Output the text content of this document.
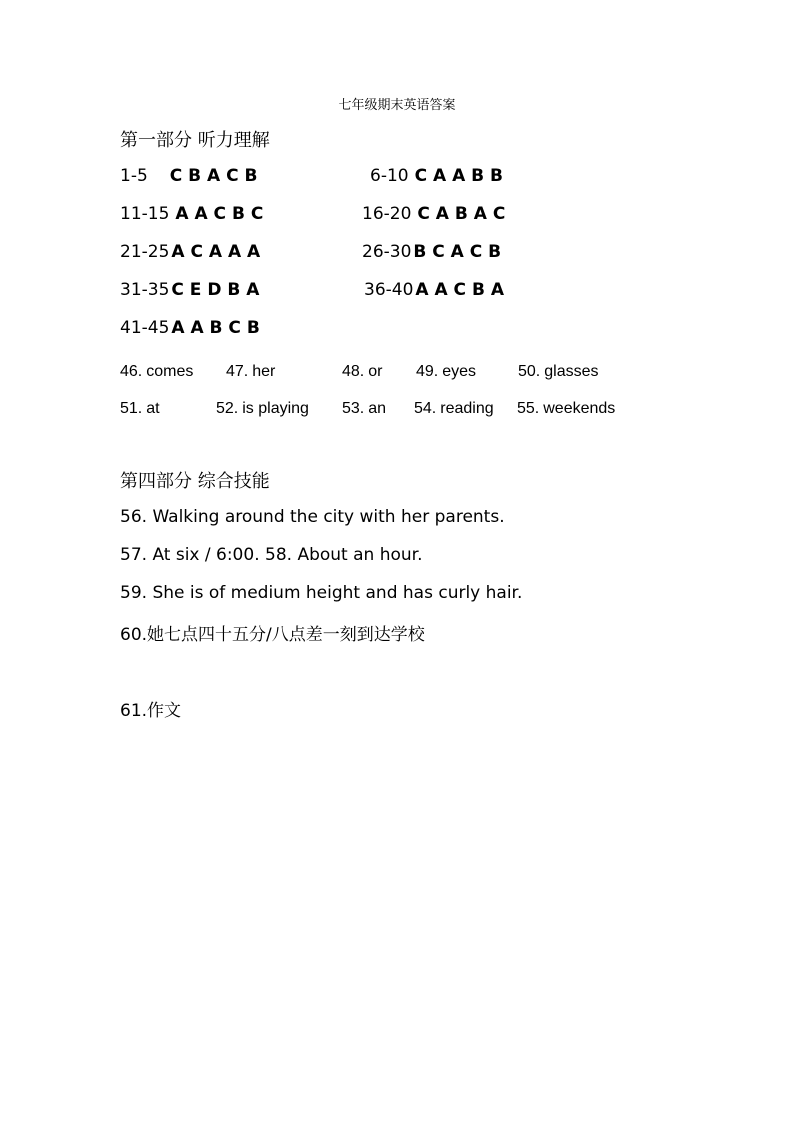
七年级期末英语答案
第一部分 听力理解
1-5 C B A C B	6-10 C A A B B
11-15 A A C B C	16-20 C A B A C
21-25 A C A A A	26-30 B C A C B
31-35 C E D B A	36-40 A A C B A
41-45 A A B C B
46. comes 47. her	48. or 49. eyes	50. glasses
51. at	52. is playing 53. an 54. reading 55. weekends
第四部分 综合技能
56. Walking around the city with her parents.
57. At six / 6:00. 58. About an hour.
59. She is of medium height and has curly hair.
60.她七点四十五分/八点差一刻到达学校
61.作文
